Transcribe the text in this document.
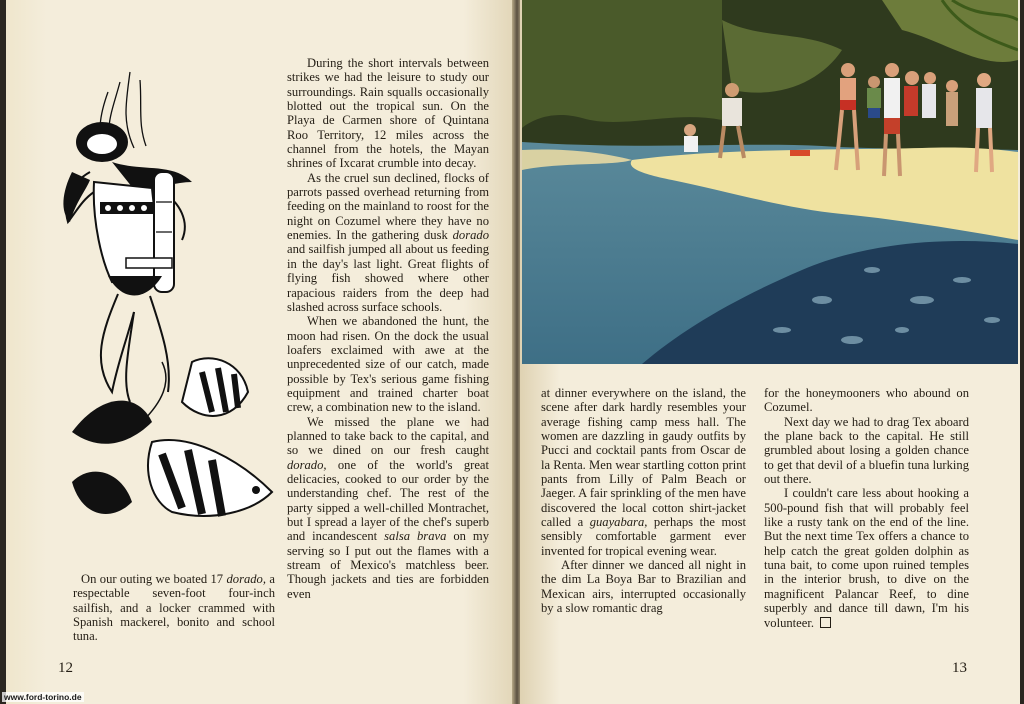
On our outing we boated 17 dorado, a respectable seven-foot four-inch sailfish, and a locker crammed with Spanish mackerel, bonito and school tuna.

During the short intervals between strikes we had the leisure to study our surroundings. Rain squalls occasionally blotted out the tropical sun. On the Playa de Carmen shore of Quintana Roo Territory, 12 miles across the channel from the hotels, the Mayan shrines of Ixcarat crumble into decay.

As the cruel sun declined, flocks of parrots passed overhead returning from feeding on the mainland to roost for the night on Cozumel where they have no enemies. In the gathering dusk dorado and sailfish jumped all about us feeding in the day's last light. Great flights of flying fish showed where other rapacious raiders from the deep had slashed across surface schools.

When we abandoned the hunt, the moon had risen. On the dock the usual loafers exclaimed with awe at the unprecedented size of our catch, made possible by Tex's serious game fishing equipment and trained charter boat crew, a combination new to the island.

We missed the plane we had planned to take back to the capital, and so we dined on our fresh caught dorado, one of the world's great delicacies, cooked to our order by the understanding chef. The rest of the party sipped a well-chilled Montrachet, but I spread a layer of the chef's superb and incandescent salsa brava on my serving so I put out the flames with a stream of Mexico's matchless beer. Though jackets and ties are forbidden even

12

at dinner everywhere on the island, the scene after dark hardly resembles your average fishing camp mess hall. The women are dazzling in gaudy outfits by Pucci and cocktail pants from Oscar de la Renta. Men wear startling cotton print pants from Lilly of Palm Beach or Jaeger. A fair sprinkling of the men have discovered the local cotton shirt-jacket called a guayabara, perhaps the most sensibly comfortable garment ever invented for tropical evening wear.

After dinner we danced all night in the dim La Boya Bar to Brazilian and Mexican airs, interrupted occasionally by a slow romantic drag

for the honeymooners who abound on Cozumel.

Next day we had to drag Tex aboard the plane back to the capital. He still grumbled about losing a golden chance to get that devil of a bluefin tuna lurking out there.

I couldn't care less about hooking a 500-pound fish that will probably feel like a rusty tank on the end of the line. But the next time Tex offers a chance to help catch the great golden dolphin as tuna bait, to come upon ruined temples in the interior brush, to dive on the magnificent Palancar Reef, to dine superbly and dance till dawn, I'm his volunteer.

13
www.ford-torino.de
